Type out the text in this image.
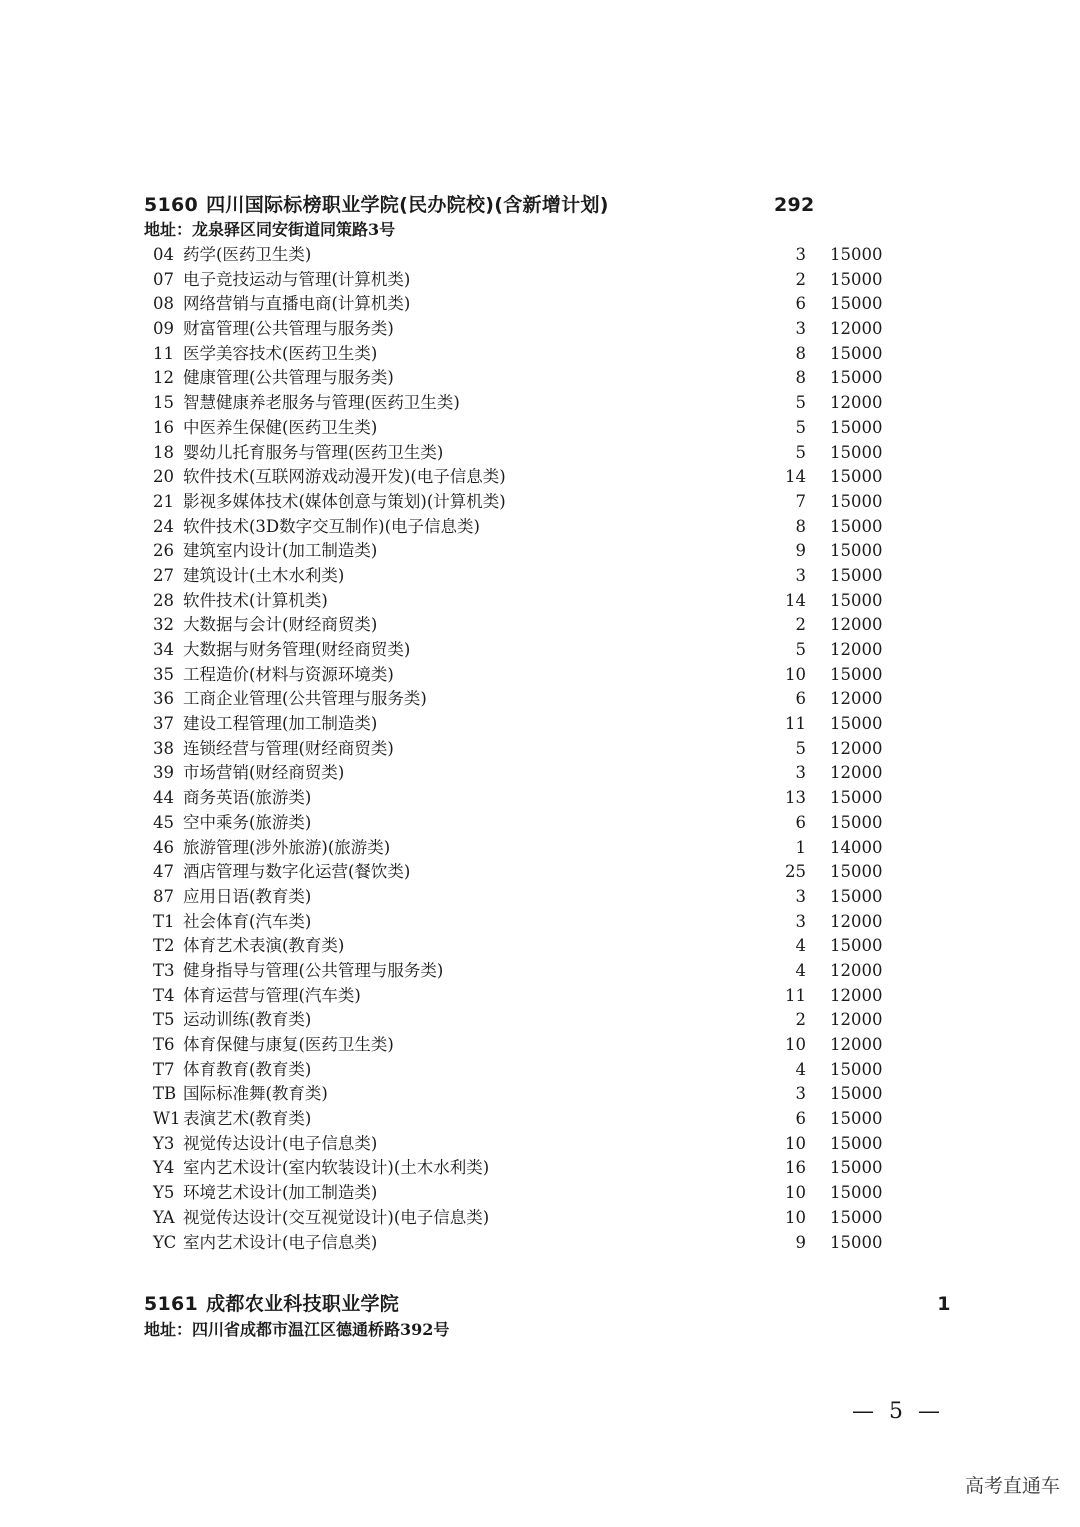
5160 四川国际标榜职业学院(民办院校)(含新增计划)	292
地址：龙泉驿区同安街道同策路3号
04 药学(医药卫生类)	3 15000
07 电子竞技运动与管理(计算机类)	2 15000
08 网络营销与直播电商(计算机类)	6 15000
09 财富管理(公共管理与服务类)	3 12000
11 医学美容技术(医药卫生类)	8 15000
12 健康管理(公共管理与服务类)	8 15000
15 智慧健康养老服务与管理(医药卫生类)	5 12000
16 中医养生保健(医药卫生类)	5 15000
18 婴幼儿托育服务与管理(医药卫生类)	5 15000
20 软件技术(互联网游戏动漫开发)(电子信息类)	14 15000
21 影视多媒体技术(媒体创意与策划)(计算机类)	7 15000
24 软件技术(3D数字交互制作)(电子信息类)	8 15000
26 建筑室内设计(加工制造类)	9 15000
27 建筑设计(土木水利类)	3 15000
28 软件技术(计算机类)	14 15000
32 大数据与会计(财经商贸类)	2 12000
34 大数据与财务管理(财经商贸类)	5 12000
35 工程造价(材料与资源环境类)	10 15000
36 工商企业管理(公共管理与服务类)	6 12000
37 建设工程管理(加工制造类)	11 15000
38 连锁经营与管理(财经商贸类)	5 12000
39 市场营销(财经商贸类)	3 12000
44 商务英语(旅游类)	13 15000
45 空中乘务(旅游类)	6 15000
46 旅游管理(涉外旅游)(旅游类)	1 14000
47 酒店管理与数字化运营(餐饮类)	25 15000
87 应用日语(教育类)	3 15000
T1 社会体育(汽车类)	3 12000
T2 体育艺术表演(教育类)	4 15000
T3 健身指导与管理(公共管理与服务类)	4 12000
T4 体育运营与管理(汽车类)	11 12000
T5 运动训练(教育类)	2 12000
T6 体育保健与康复(医药卫生类)	10 12000
T7 体育教育(教育类)	4 15000
TB 国际标准舞(教育类)	3 15000
W1 表演艺术(教育类)	6 15000
Y3 视觉传达设计(电子信息类)	10 15000
Y4 室内艺术设计(室内软装设计)(土木水利类)	16 15000
Y5 环境艺术设计(加工制造类)	10 15000
YA 视觉传达设计(交互视觉设计)(电子信息类)	10 15000
YC 室内艺术设计(电子信息类)	9 15000
5161 成都农业科技职业学院	1
地址：四川省成都市温江区德通桥路392号
— 5 —
高考直通车
